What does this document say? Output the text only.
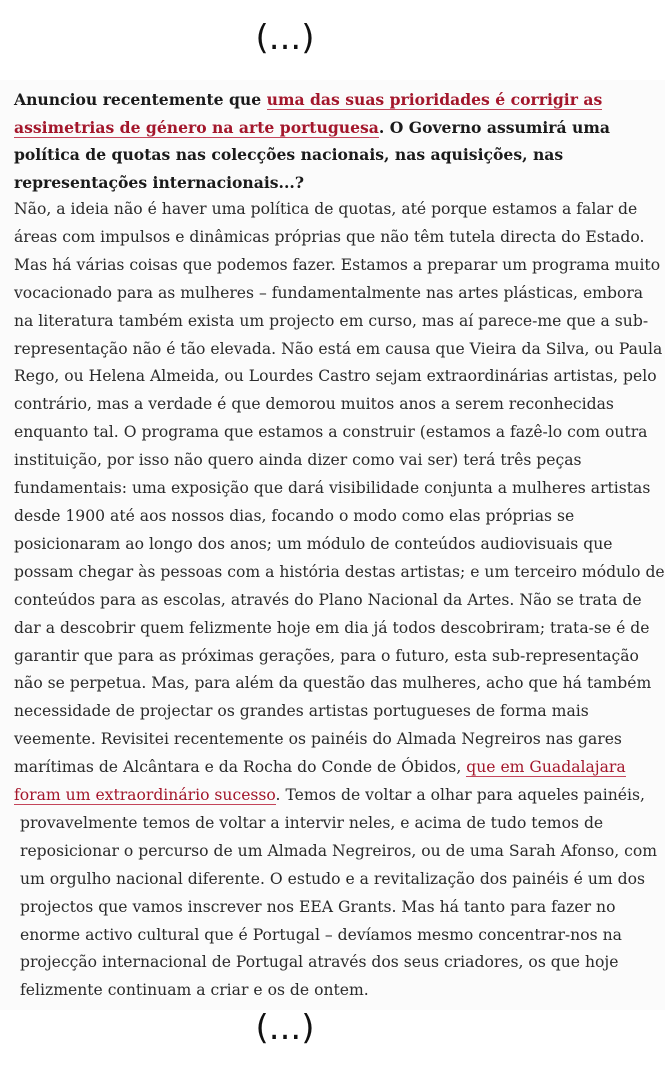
(...)
Anunciou recentemente que uma das suas prioridades é corrigir as
assimetrias de género na arte portuguesa. O Governo assumirá uma
política de quotas nas colecções nacionais, nas aquisições, nas
representações internacionais...?
Não, a ideia não é haver uma política de quotas, até porque estamos a falar de
áreas com impulsos e dinâmicas próprias que não têm tutela directa do Estado.
Mas há várias coisas que podemos fazer. Estamos a preparar um programa muito
vocacionado para as mulheres – fundamentalmente nas artes plásticas, embora
na literatura também exista um projecto em curso, mas aí parece-me que a sub-
representação não é tão elevada. Não está em causa que Vieira da Silva, ou Paula
Rego, ou Helena Almeida, ou Lourdes Castro sejam extraordinárias artistas, pelo
contrário, mas a verdade é que demorou muitos anos a serem reconhecidas
enquanto tal. O programa que estamos a construir (estamos a fazê-lo com outra
instituição, por isso não quero ainda dizer como vai ser) terá três peças
fundamentais: uma exposição que dará visibilidade conjunta a mulheres artistas
desde 1900 até aos nossos dias, focando o modo como elas próprias se
posicionaram ao longo dos anos; um módulo de conteúdos audiovisuais que
possam chegar às pessoas com a história destas artistas; e um terceiro módulo de
conteúdos para as escolas, através do Plano Nacional da Artes. Não se trata de
dar a descobrir quem felizmente hoje em dia já todos descobriram; trata-se é de
garantir que para as próximas gerações, para o futuro, esta sub-representação
não se perpetua. Mas, para além da questão das mulheres, acho que há também
necessidade de projectar os grandes artistas portugueses de forma mais
veemente. Revisitei recentemente os painéis do Almada Negreiros nas gares
marítimas de Alcântara e da Rocha do Conde de Óbidos, que em Guadalajara
foram um extraordinário sucesso. Temos de voltar a olhar para aqueles painéis,
provavelmente temos de voltar a intervir neles, e acima de tudo temos de
reposicionar o percurso de um Almada Negreiros, ou de uma Sarah Afonso, com
um orgulho nacional diferente. O estudo e a revitalização dos painéis é um dos
projectos que vamos inscrever nos EEA Grants. Mas há tanto para fazer no
enorme activo cultural que é Portugal – devíamos mesmo concentrar-nos na
projecção internacional de Portugal através dos seus criadores, os que hoje
felizmente continuam a criar e os de ontem.
(...)
